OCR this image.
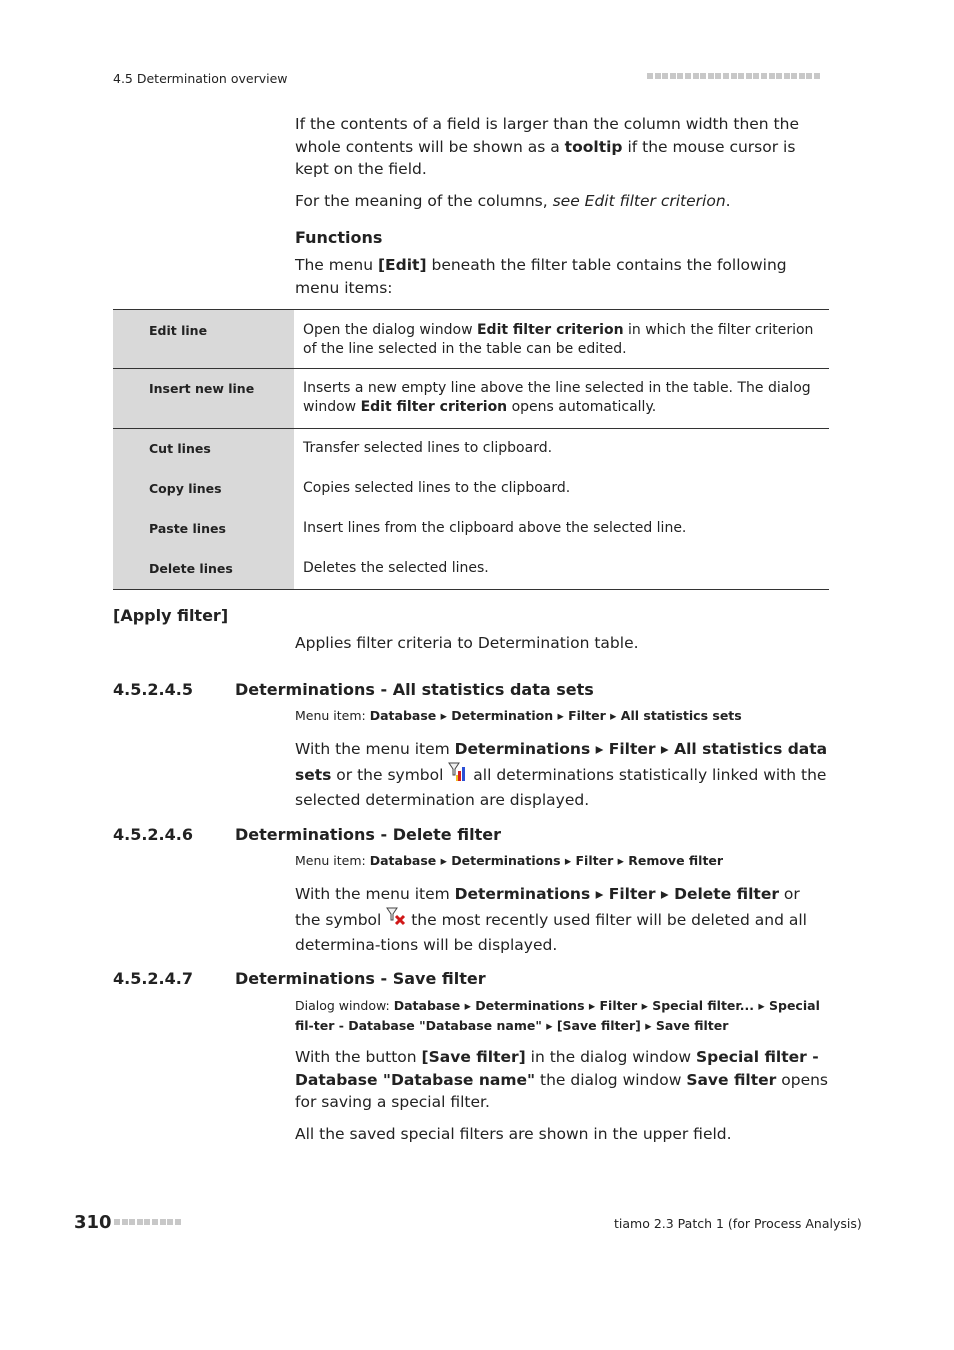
4.5 Determination overview
If the contents of a field is larger than the column width then the whole contents will be shown as a tooltip if the mouse cursor is kept on the field.
For the meaning of the columns, see Edit filter criterion.
Functions
The menu [Edit] beneath the filter table contains the following menu items:
Edit line	Open the dialog window Edit filter criterion in which the filter criterion of the line selected in the table can be edited.
Insert new line	Inserts a new empty line above the line selected in the table. The dialog window Edit filter criterion opens automatically.
Cut lines	Transfer selected lines to clipboard.
Copy lines	Copies selected lines to the clipboard.
Paste lines	Insert lines from the clipboard above the selected line.
Delete lines	Deletes the selected lines.
[Apply filter]
Applies filter criteria to Determination table.
4.5.2.4.5	Determinations - All statistics data sets
Menu item: Database ▸ Determination ▸ Filter ▸ All statistics sets
With the menu item Determinations ▸ Filter ▸ All statistics data sets or the symbol  all determinations statistically linked with the selected determination are displayed.
4.5.2.4.6	Determinations - Delete filter
Menu item: Database ▸ Determinations ▸ Filter ▸ Remove filter
With the menu item Determinations ▸ Filter ▸ Delete filter or the symbol  the most recently used filter will be deleted and all determina-tions will be displayed.
4.5.2.4.7	Determinations - Save filter
Dialog window: Database ▸ Determinations ▸ Filter ▸ Special filter... ▸ Special fil-ter - Database "Database name" ▸ [Save filter] ▸ Save filter
With the button [Save filter] in the dialog window Special filter - Database "Database name" the dialog window Save filter opens for saving a special filter.
All the saved special filters are shown in the upper field.
310	tiamo 2.3 Patch 1 (for Process Analysis)
